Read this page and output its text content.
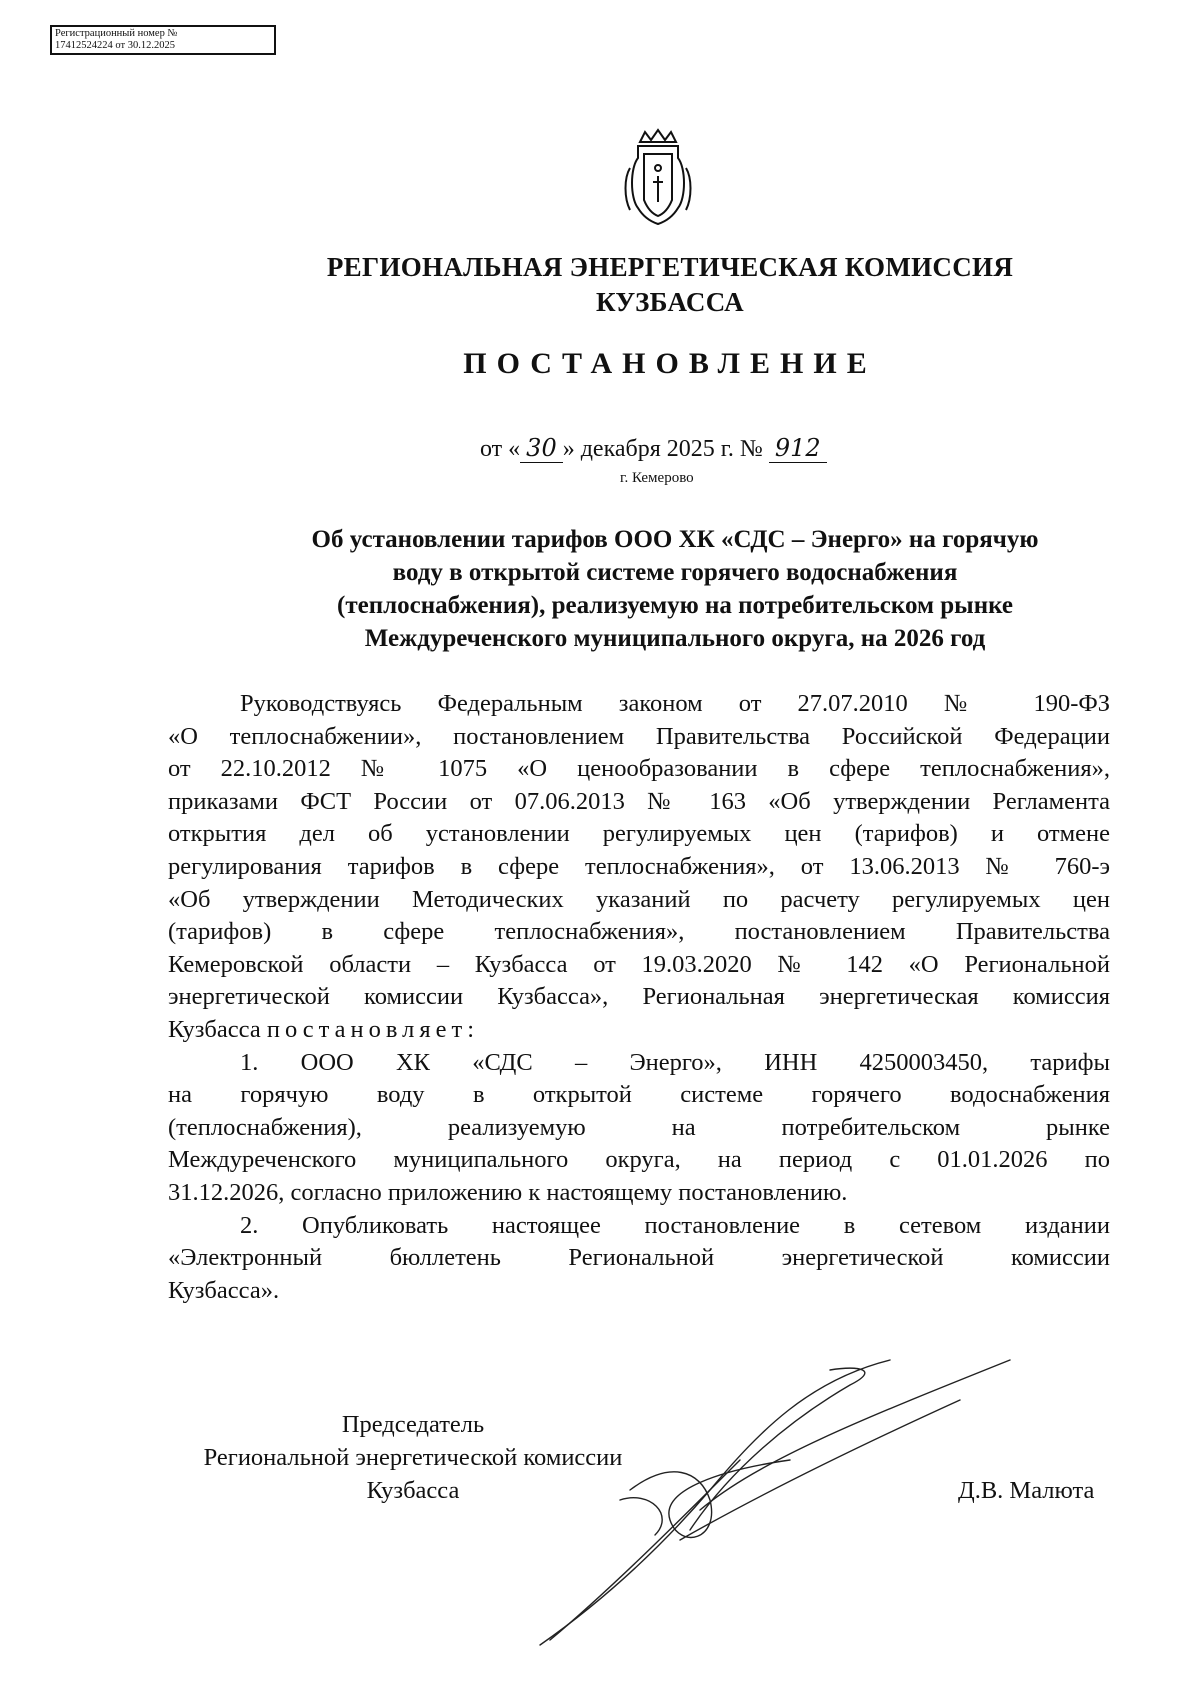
Регистрационный номер №
17412524224 от 30.12.2025
РЕГИОНАЛЬНАЯ ЭНЕРГЕТИЧЕСКАЯ КОМИССИЯ
КУЗБАССА
ПОСТАНОВЛЕНИЕ
от « 30 » декабря 2025 г. № 912
г. Кемерово
Об установлении тарифов ООО ХК «СДС – Энерго» на горячую
воду в открытой системе горячего водоснабжения
(теплоснабжения), реализуемую на потребительском рынке
Междуреченского муниципального округа, на 2026 год
Руководствуясь Федеральным законом от 27.07.2010 № 190-ФЗ
«О теплоснабжении», постановлением Правительства Российской Федерации
от 22.10.2012 № 1075 «О ценообразовании в сфере теплоснабжения»,
приказами ФСТ России от 07.06.2013 № 163 «Об утверждении Регламента
открытия дел об установлении регулируемых цен (тарифов) и отмене
регулирования тарифов в сфере теплоснабжения», от 13.06.2013 № 760-э
«Об утверждении Методических указаний по расчету регулируемых цен
(тарифов) в сфере теплоснабжения», постановлением Правительства
Кемеровской области – Кузбасса от 19.03.2020 № 142 «О Региональной
энергетической комиссии Кузбасса», Региональная энергетическая комиссия
Кузбасса постановляет:
1. ООО ХК «СДС – Энерго», ИНН 4250003450, тарифы
на горячую воду в открытой системе горячего водоснабжения
(теплоснабжения), реализуемую на потребительском рынке
Междуреченского муниципального округа, на период с 01.01.2026 по
31.12.2026, согласно приложению к настоящему постановлению.
2. Опубликовать настоящее постановление в сетевом издании
«Электронный бюллетень Региональной энергетической комиссии
Кузбасса».
Председатель
Региональной энергетической комиссии
Кузбасса	Д.В. Малюта
